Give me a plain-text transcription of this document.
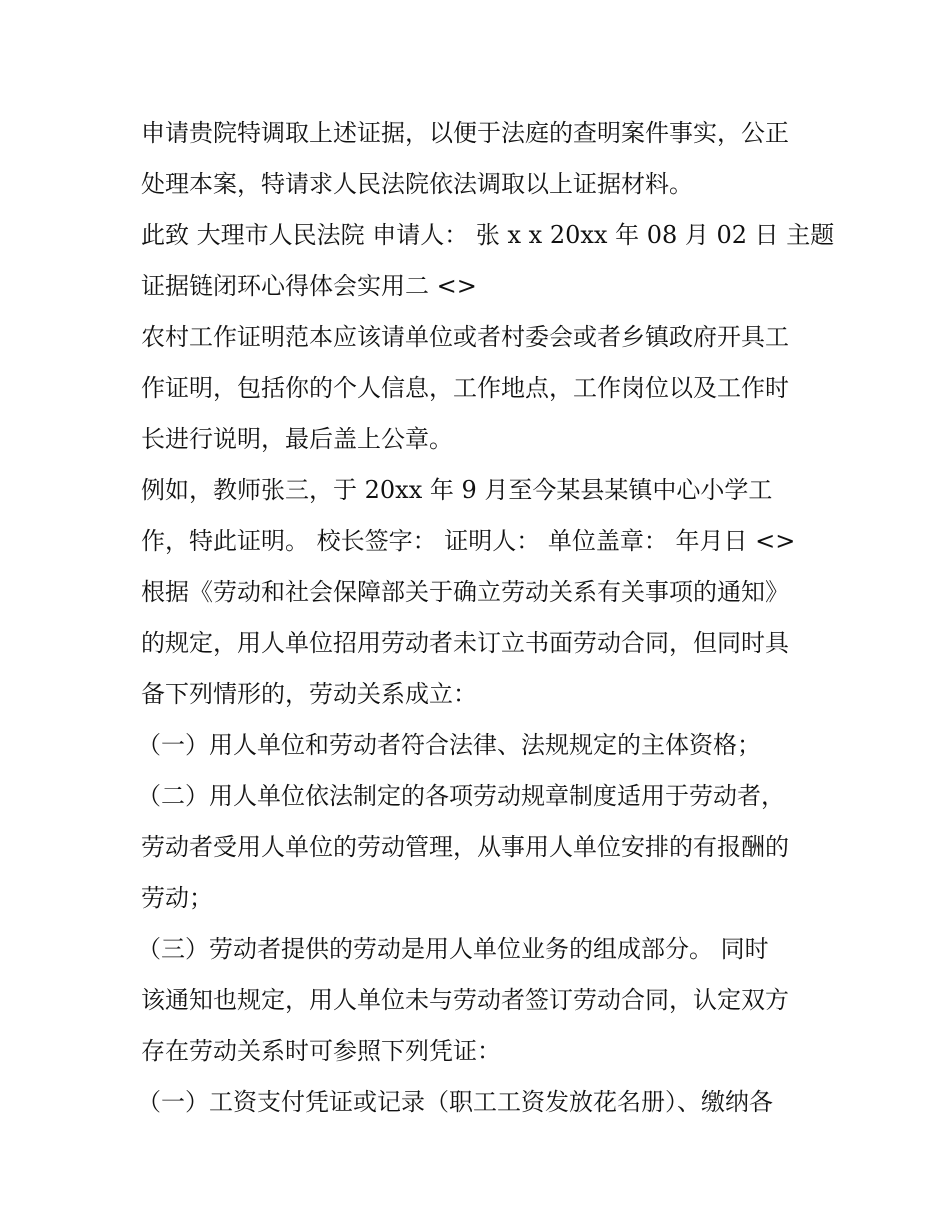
申请贵院特调取上述证据，以便于法庭的查明案件事实，公正
处理本案，特请求人民法院依法调取以上证据材料。
此致 大理市人民法院 申请人： 张 x x 20xx 年 08 月 02 日 主题
证据链闭环心得体会实用二 <>
农村工作证明范本应该请单位或者村委会或者乡镇政府开具工
作证明，包括你的个人信息，工作地点，工作岗位以及工作时
长进行说明，最后盖上公章。
例如，教师张三，于 20xx 年 9 月至今某县某镇中心小学工
作，特此证明。 校长签字： 证明人： 单位盖章： 年月日 <>
根据《劳动和社会保障部关于确立劳动关系有关事项的通知》
的规定，用人单位招用劳动者未订立书面劳动合同，但同时具
备下列情形的，劳动关系成立：
（一）用人单位和劳动者符合法律、法规规定的主体资格；
（二）用人单位依法制定的各项劳动规章制度适用于劳动者，
劳动者受用人单位的劳动管理，从事用人单位安排的有报酬的
劳动；
（三）劳动者提供的劳动是用人单位业务的组成部分。 同时
该通知也规定，用人单位未与劳动者签订劳动合同，认定双方
存在劳动关系时可参照下列凭证：
（一）工资支付凭证或记录（职工工资发放花名册）、缴纳各
